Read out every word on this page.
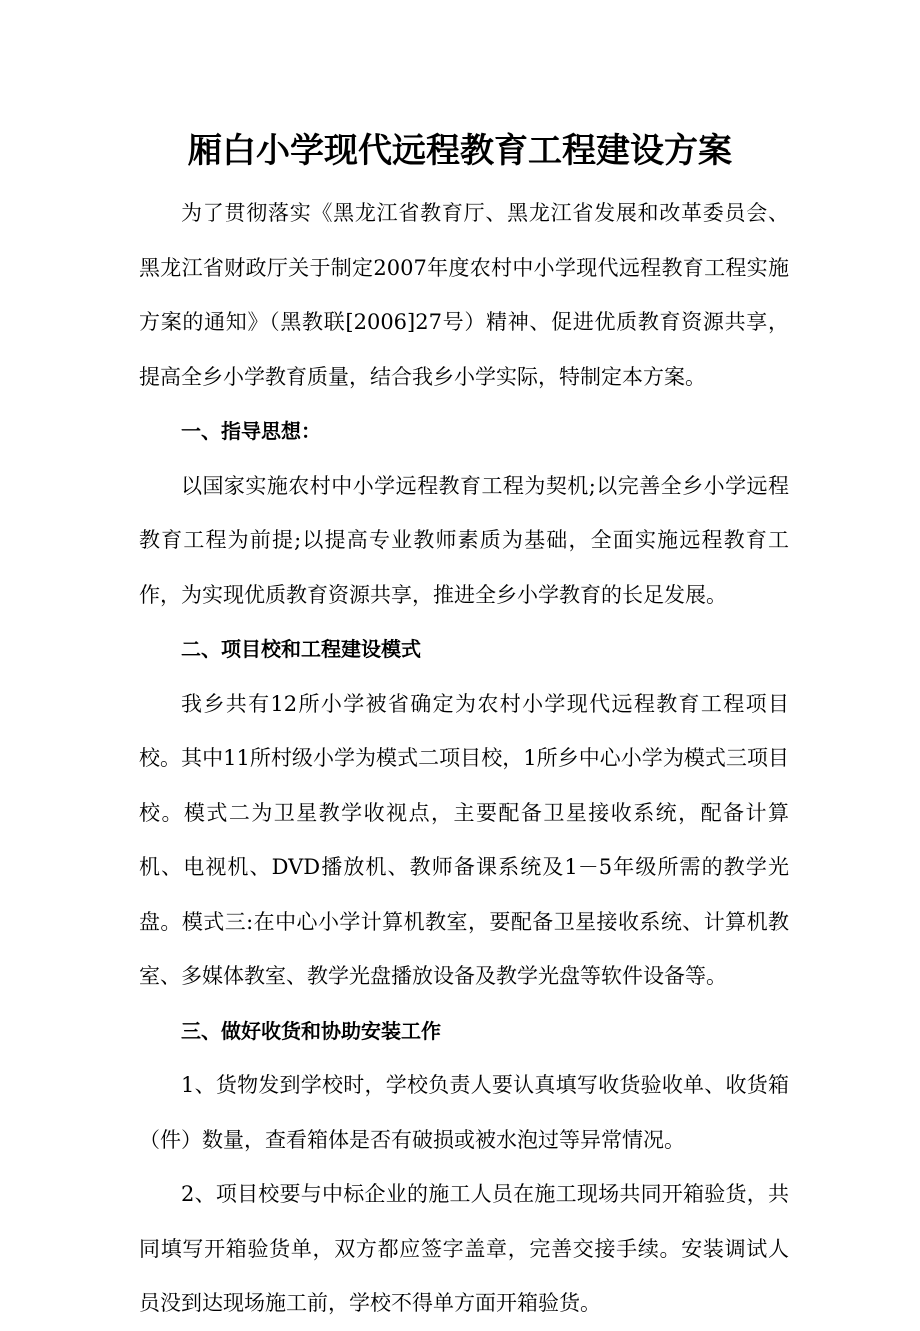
厢白小学现代远程教育工程建设方案

为了贯彻落实《黑龙江省教育厅、黑龙江省发展和改革委员会、黑龙江省财政厅关于制定2007年度农村中小学现代远程教育工程实施方案的通知》（黑教联[2006]27号）精神、促进优质教育资源共享，提高全乡小学教育质量，结合我乡小学实际，特制定本方案。

一、指导思想：

以国家实施农村中小学远程教育工程为契机;以完善全乡小学远程教育工程为前提;以提高专业教师素质为基础，全面实施远程教育工作，为实现优质教育资源共享，推进全乡小学教育的长足发展。

二、项目校和工程建设模式

我乡共有12所小学被省确定为农村小学现代远程教育工程项目校。其中11所村级小学为模式二项目校，1所乡中心小学为模式三项目校。模式二为卫星教学收视点，主要配备卫星接收系统，配备计算机、电视机、DVD播放机、教师备课系统及1－5年级所需的教学光盘。模式三:在中心小学计算机教室，要配备卫星接收系统、计算机教室、多媒体教室、教学光盘播放设备及教学光盘等软件设备等。

三、做好收货和协助安装工作

1、货物发到学校时，学校负责人要认真填写收货验收单、收货箱（件）数量，查看箱体是否有破损或被水泡过等异常情况。

2、项目校要与中标企业的施工人员在施工现场共同开箱验货，共同填写开箱验货单，双方都应签字盖章，完善交接手续。安装调试人员没到达现场施工前，学校不得单方面开箱验货。
